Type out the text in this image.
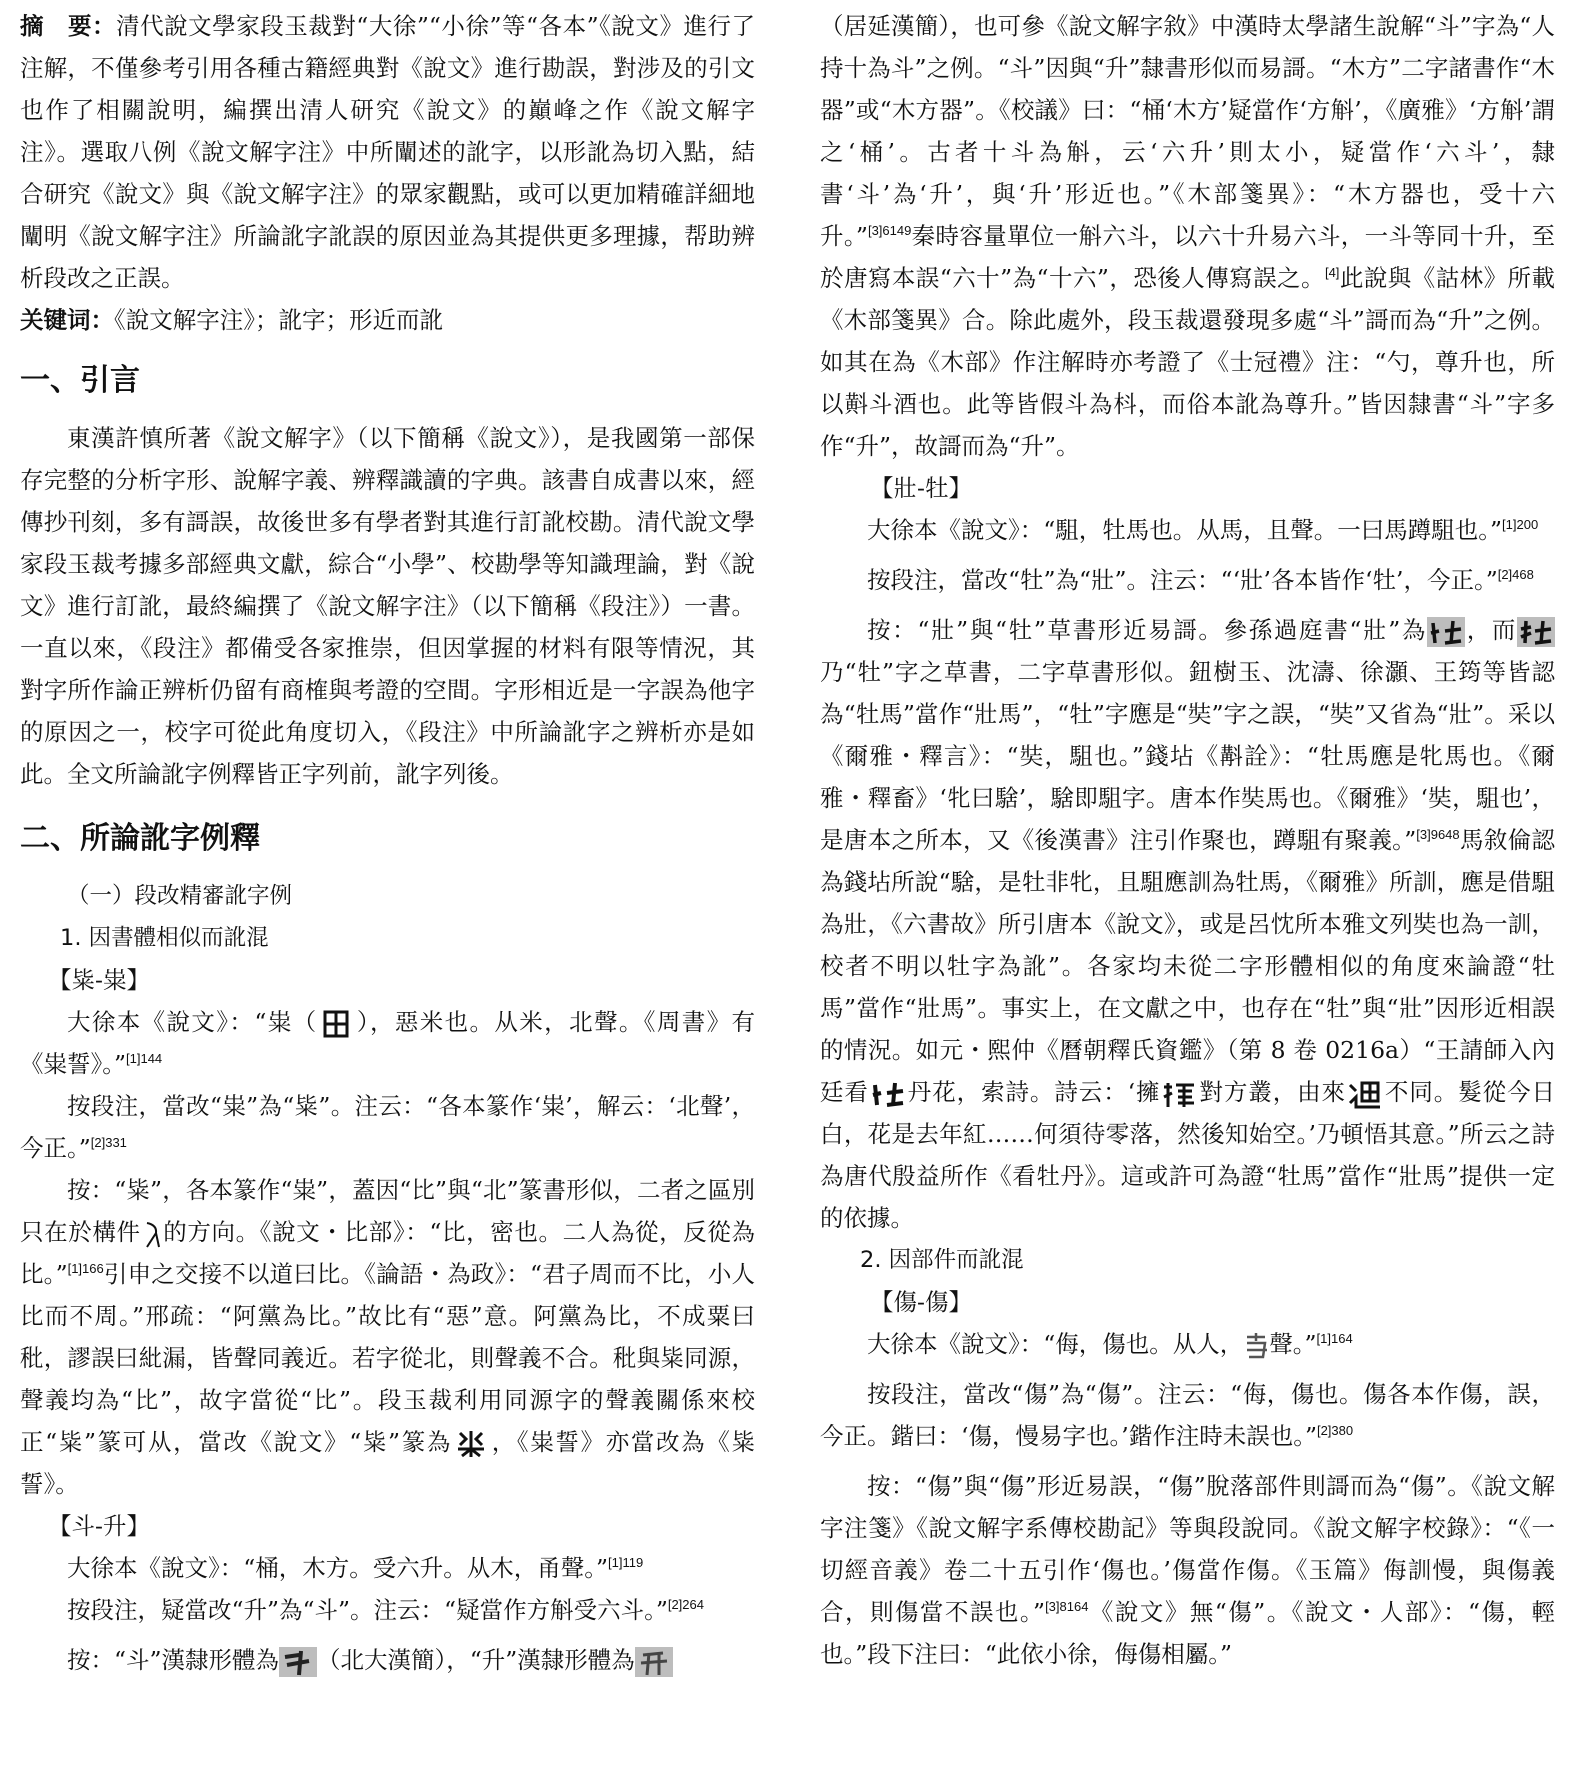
摘　要：清代說文學家段玉裁對“大徐”“小徐”等“各本”《說文》進行了注解，不僅參考引用各種古籍經典對《說文》進行勘誤，對涉及的引文也作了相關說明，編撰出清人研究《說文》的巔峰之作《說文解字注》。選取八例《說文解字注》中所闡述的訛字，以形訛為切入點，結合研究《說文》與《說文解字注》的眾家觀點，或可以更加精確詳細地闡明《說文解字注》所論訛字訛誤的原因並為其提供更多理據，帮助辨析段改之正誤。

关键词：《說文解字注》；訛字；形近而訛

一、引言

東漢許慎所著《說文解字》（以下簡稱《說文》），是我國第一部保存完整的分析字形、說解字義、辨釋識讀的字典。該書自成書以來，經傳抄刊刻，多有謌誤，故後世多有學者對其進行訂訛校勘。清代說文學家段玉裁考據多部經典文獻，綜合“小學”、校勘學等知識理論，對《說文》進行訂訛，最終編撰了《說文解字注》（以下簡稱《段注》）一書。一直以來，《段注》都備受各家推崇，但因掌握的材料有限等情況，其對字所作論正辨析仍留有商榷與考證的空間。字形相近是一字誤為他字的原因之一，校字可從此角度切入，《段注》中所論訛字之辨析亦是如此。全文所論訛字例釋皆正字列前，訛字列後。

二、所論訛字例釋

（一）段改精審訛字例

1. 因書體相似而訛混

【粊-粜】

大徐本《說文》：“粜（ ），惡米也。从米，北聲。《周書》有《粜誓》。”$^{[1]144}$

按段注，當改“粜”為“粊”。注云：“各本篆作‘粜’，解云：‘北聲’，今正。”$^{[2]331}$

按：“粊”，各本篆作“粜”，蓋因“比”與“北”篆書形似，二者之區別只在於構件 的方向。《說文・比部》：“比，密也。二人為從，反從為比。”$^{[1]166}$引申之交接不以道曰比。《論語・為政》：“君子周而不比，小人比而不周。”邢疏：“阿黨為比。”故比有“惡”意。阿黨為比，不成粟曰秕，謬誤曰紕漏，皆聲同義近。若字從北，則聲義不合。秕與粊同源，聲義均為“比”，故字當從“比”。段玉裁利用同源字的聲義關係來校正“粊”篆可从，當改《說文》“粊”篆為 ，《粜誓》亦當改為《粊誓》。

【斗-升】

大徐本《說文》：“桶，木方。受六升。从木，甬聲。”$^{[1]119}$

按段注，疑當改“升”為“斗”。注云：“疑當作方斛受六斗。”$^{[2]264}$

按：“斗”漢隸形體為 （北大漢簡），“升”漢隸形體為

（居延漢簡），也可參《說文解字敘》中漢時太學諸生說解“斗”字為“人持十為斗”之例。“斗”因與“升”隸書形似而易謌。“木方”二字諸書作“木器”或“木方器”。《校議》曰：“桶‘木方’疑當作‘方斛’，《廣雅》‘方斛’謂之‘桶’。古者十斗為斛，云‘六升’則太小，疑當作‘六斗’，隸書‘斗’為‘升’，與‘升’形近也。”《木部箋異》：“木方器也，受十六升。”$^{[3]6149}$秦時容量單位一斛六斗，以六十升易六斗，一斗等同十升，至於唐寫本誤“六十”為“十六”，恐後人傳寫誤之。[4]此說與《詁林》所載《木部箋異》合。除此處外，段玉裁還發現多處“斗”謌而為“升”之例。如其在為《木部》作注解時亦考證了《士冠禮》注：“勺，尊升也，所以斢斗酒也。此等皆假斗為枓，而俗本訛為尊升。”皆因隸書“斗”字多作“升”，故謌而為“升”。

【壯-牡】

大徐本《說文》：“駔，牡馬也。从馬，且聲。一曰馬蹲駔也。”$^{[1]200}$

按段注，當改“牡”為“壯”。注云：“‘壯’各本皆作‘牡’，今正。”$^{[2]468}$

按：“壯”與“牡”草書形近易謌。參孫過庭書“壯”為 ，而
乃“牡”字之草書，二字草書形似。鈕樹玉、沈濤、徐灝、王筠等皆認為“牡馬”當作“壯馬”，“牡”字應是“奘”字之誤，“奘”又省為“壯”。采以《爾雅・釋言》：“奘，駔也。”錢坫《斠詮》：“牡馬應是牝馬也。《爾雅・釋畜》‘牝曰騇’，騇即駔字。唐本作奘馬也。《爾雅》‘奘，駔也’，是唐本之所本，又《後漢書》注引作聚也，蹲駔有聚義。”$^{[3]9648}$馬敘倫認為錢坫所說“騇，是牡非牝，且駔應訓為牡馬，《爾雅》所訓，應是借駔為壯，《六書故》所引唐本《說文》，或是呂忱所本雅文列奘也為一訓，校者不明以牡字為訛”。各家均未從二字形體相似的角度來論證“牡馬”當作“壯馬”。事实上，在文獻之中，也存在“牡”與“壯”因形近相誤的情況。如元・熙仲《曆朝釋氏資鑑》（第 8 卷 0216a）“王請師入內廷看 丹花，索詩。詩云：‘擁 對方叢，由來 不同。髮從今日白，花是去年紅……何須待零落，然後知始空。’乃頓悟其意。”所云之詩為唐代殷益所作《看牡丹》。這或許可為證“牡馬”當作“壯馬”提供一定的依據。

2. 因部件而訛混

【傷-傷】

大徐本《說文》：“侮，傷也。从人， 聲。”$^{[1]164}$

按段注，當改“傷”為“傷”。注云：“侮，傷也。傷各本作傷，誤，今正。鍇曰：‘傷，慢易字也。’鍇作注時未誤也。”$^{[2]380}$

按：“傷”與“傷”形近易誤，“傷”脫落部件則謌而為“傷”。《說文解字注箋》《說文解字系傳校勘記》等與段說同。《說文解字校錄》：“《一切經音義》卷二十五引作‘傷也。’傷當作傷。《玉篇》侮訓慢，與傷義合，則傷當不誤也。”$^{[3]8164}$《說文》無“傷”。《說文・人部》：“傷，輕也。”段下注曰：“此依小徐，侮傷相屬。”
